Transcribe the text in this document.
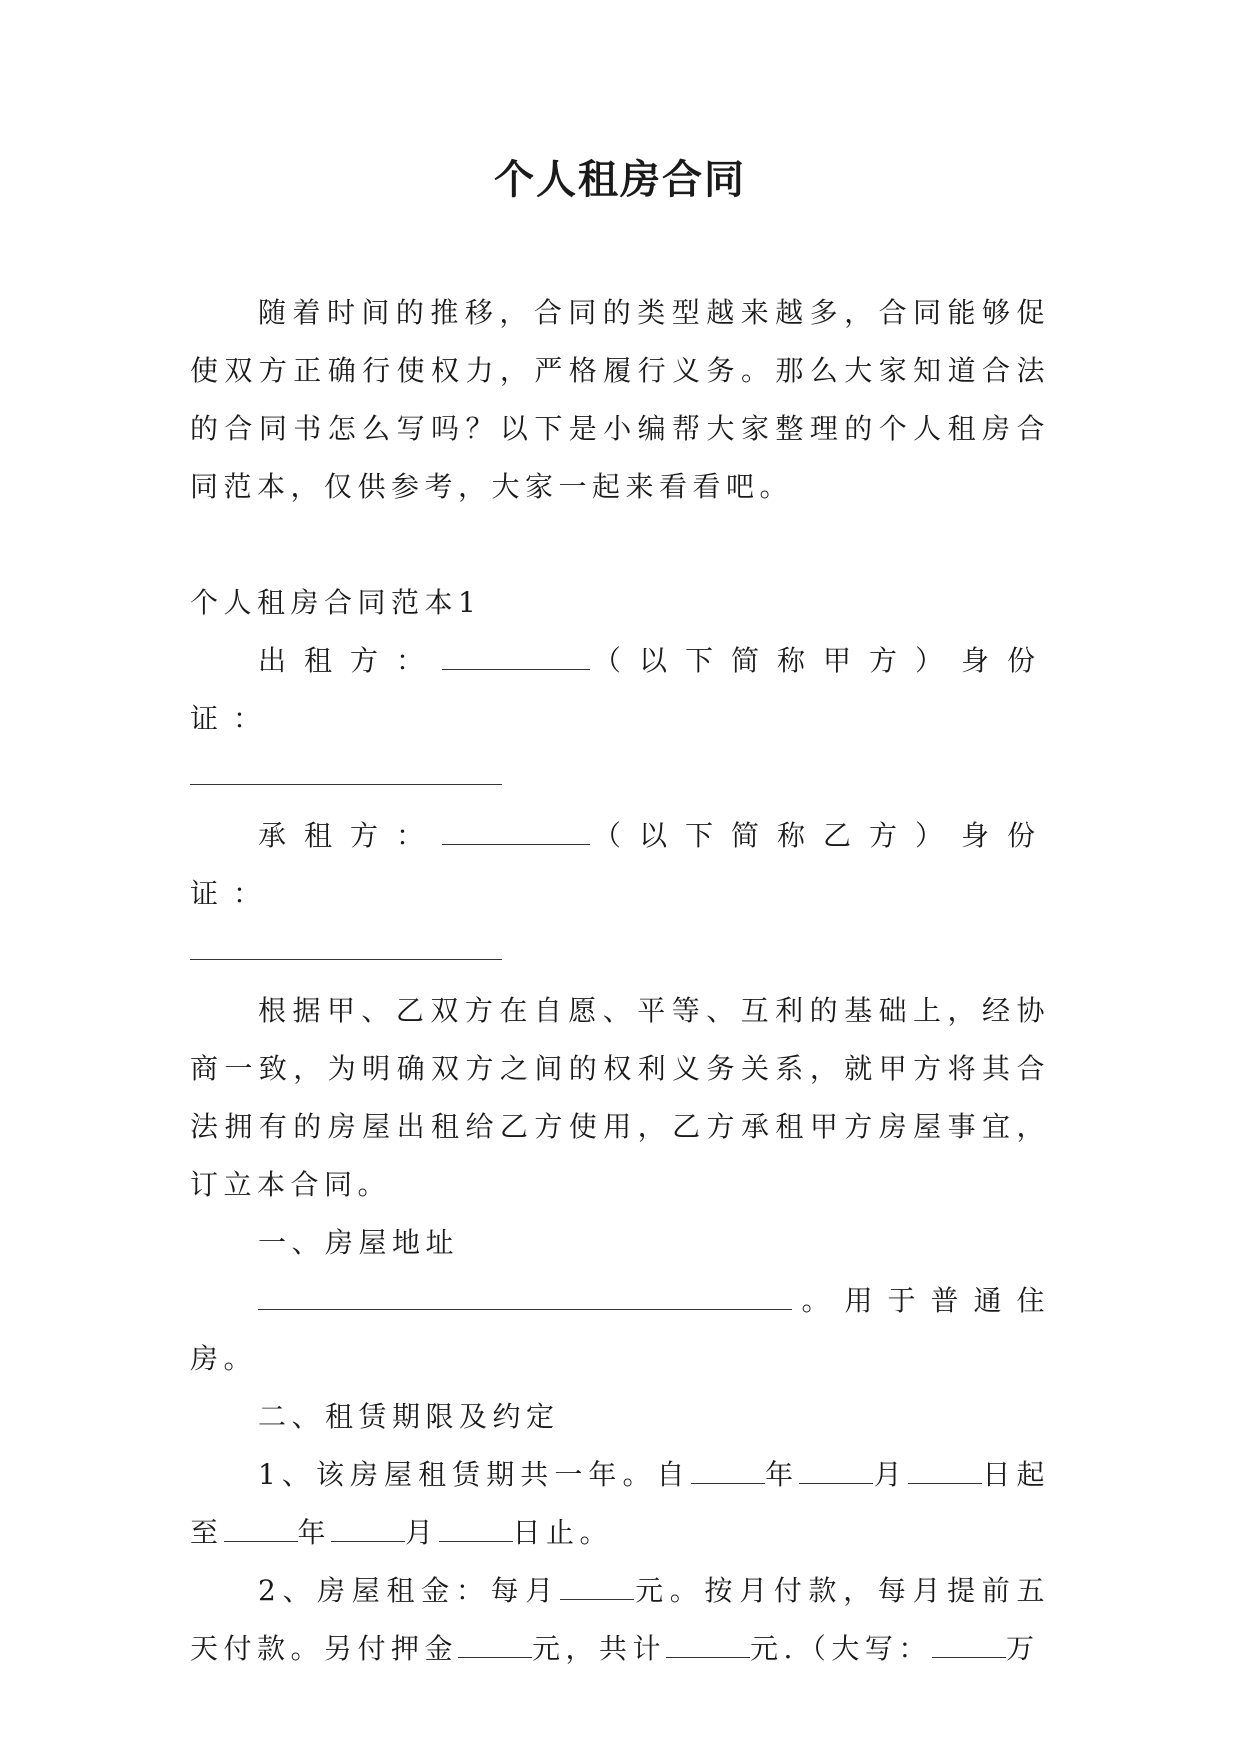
个人租房合同

随着时间的推移，合同的类型越来越多，合同能够促使双方正确行使权力，严格履行义务。那么大家知道合法的合同书怎么写吗？以下是小编帮大家整理的个人租房合同范本，仅供参考，大家一起来看看吧。

个人租房合同范本1

出租方：	（以下简称甲方）身份证：

承租方：	（以下简称乙方）身份证：

根据甲、乙双方在自愿、平等、互利的基础上，经协商一致，为明确双方之间的权利义务关系，就甲方将其合法拥有的房屋出租给乙方使用，乙方承租甲方房屋事宜，订立本合同。

一、房屋地址

。用于普通住房。

二、租赁期限及约定

1、该房屋租赁期共一年。自	年	月	日起至	年	月	日止。

2、房屋租金：每月	元。按月付款，每月提前五天付款。另付押金	元，共计	元.（大写：	万
